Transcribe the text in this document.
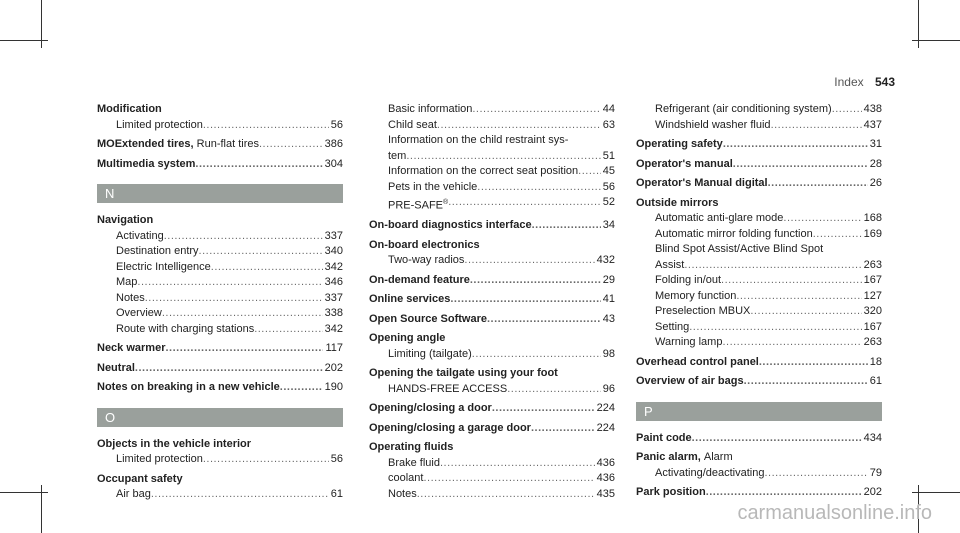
Index 543
Modification
Limited protection .....	56
MOExtended tires, Run-flat tires .....	386
Multimedia system .....	304
N
Navigation
Activating .....	337
Destination entry .....	340
Electric Intelligence .....	342
Map .....	346
Notes .....	337
Overview .....	338
Route with charging stations .....	342
Neck warmer .....	117
Neutral .....	202
Notes on breaking in a new vehicle .....	190
O
Objects in the vehicle interior
Limited protection .....	56
Occupant safety
Air bag .....	61
Basic information .....	44
Child seat .....	63
Information on the child restraint sys-
tem .....	51
Information on the correct seat position ..... 45
Pets in the vehicle .....	56
PRE-SAFE® .....	52
On-board diagnostics interface .....	34
On-board electronics
Two-way radios .....	432
On-demand feature .....	29
Online services .....	41
Open Source Software .....	43
Opening angle
Limiting (tailgate) .....	98
Opening the tailgate using your foot
HANDS-FREE ACCESS .....	96
Opening/closing a door .....	224
Opening/closing a garage door .....	224
Operating fluids
Brake fluid .....	436
coolant .....	436
Notes .....	435
Refrigerant (air conditioning system) .....	438
Windshield washer fluid .....	437
Operating safety .....	31
Operator's manual .....	28
Operator's Manual digital .....	26
Outside mirrors
Automatic anti-glare mode .....	168
Automatic mirror folding function .....	169
Blind Spot Assist/Active Blind Spot
Assist .....	263
Folding in/out .....	167
Memory function .....	127
Preselection MBUX .....	320
Setting .....	167
Warning lamp .....	263
Overhead control panel .....	18
Overview of air bags .....	61
P
Paint code .....	434
Panic alarm, Alarm
Activating/deactivating .....	79
Park position .....	202
carmanualsonline.info
